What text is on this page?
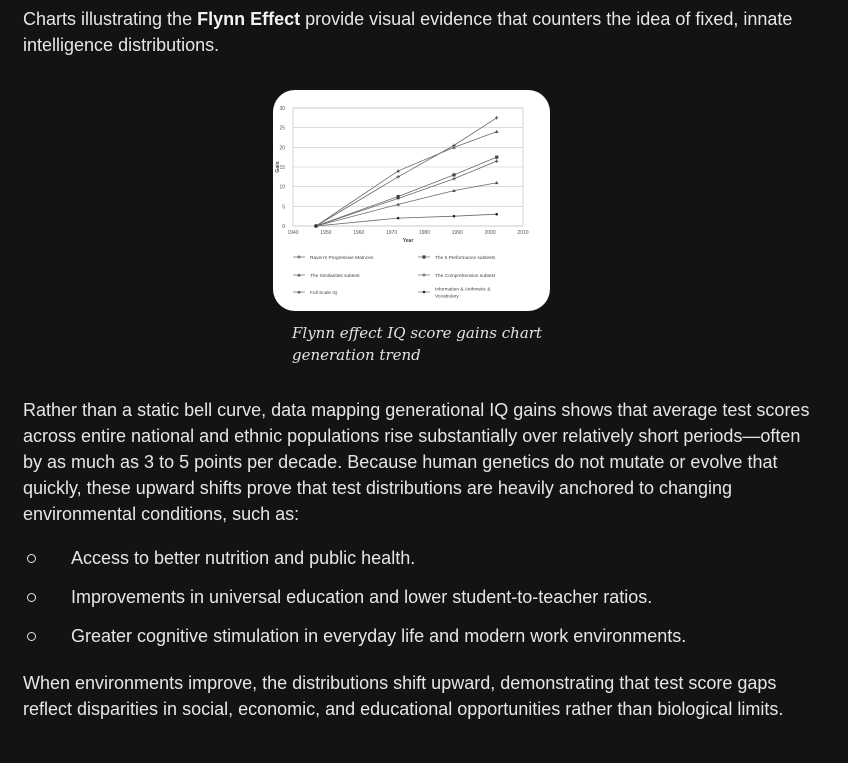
Charts illustrating the Flynn Effect provide visual evidence that counters the idea of fixed, innate intelligence distributions.

0
5
10
15
20
25
30
1940	1950	1960	1970	1980	1990	2000	2010
Year
Gain
Raven's Progressive Matrices
The Similarities subtest
Full Scale IQ
The 5 Performance subtests
The Comprehension subtest
Information & Arithmetic &
Vocabulary
Flynn effect IQ score gains chart generation trend

Rather than a static bell curve, data mapping generational IQ gains shows that average test scores across entire national and ethnic populations rise substantially over relatively short periods—often by as much as 3 to 5 points per decade. Because human genetics do not mutate or evolve that quickly, these upward shifts prove that test distributions are heavily anchored to changing environmental conditions, such as:

Access to better nutrition and public health.
Improvements in universal education and lower student-to-teacher ratios.
Greater cognitive stimulation in everyday life and modern work environments.

When environments improve, the distributions shift upward, demonstrating that test score gaps reflect disparities in social, economic, and educational opportunities rather than biological limits.
